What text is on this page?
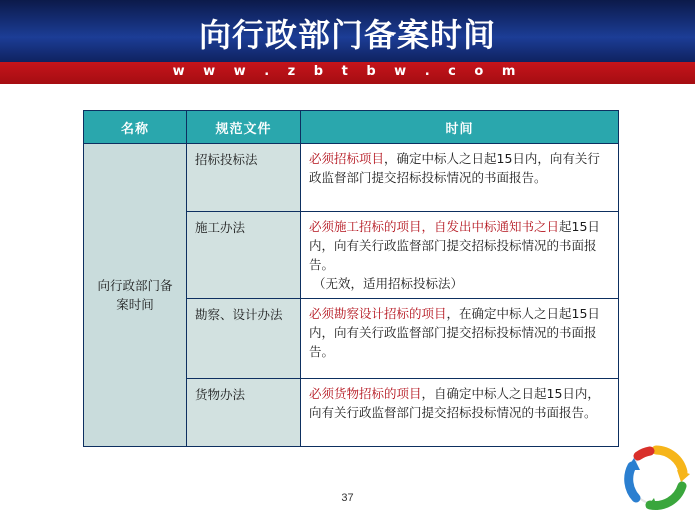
向行政部门备案时间
w w w . z b t b w . c o m
名称	规范文件	时间
向行政部门备案时间	招标投标法	必须招标项目，确定中标人之日起15日内，向有关行政监督部门提交招标投标情况的书面报告。
	施工办法	必须施工招标的项目，自发出中标通知书之日起15日内，向有关行政监督部门提交招标投标情况的书面报告。
（无效，适用招标投标法）

	勘察、设计办法	必须勘察设计招标的项目，在确定中标人之日起15日内，向有关行政监督部门提交招标投标情况的书面报告。
	货物办法	必须货物招标的项目，自确定中标人之日起15日内，向有关行政监督部门提交招标投标情况的书面报告。
37
